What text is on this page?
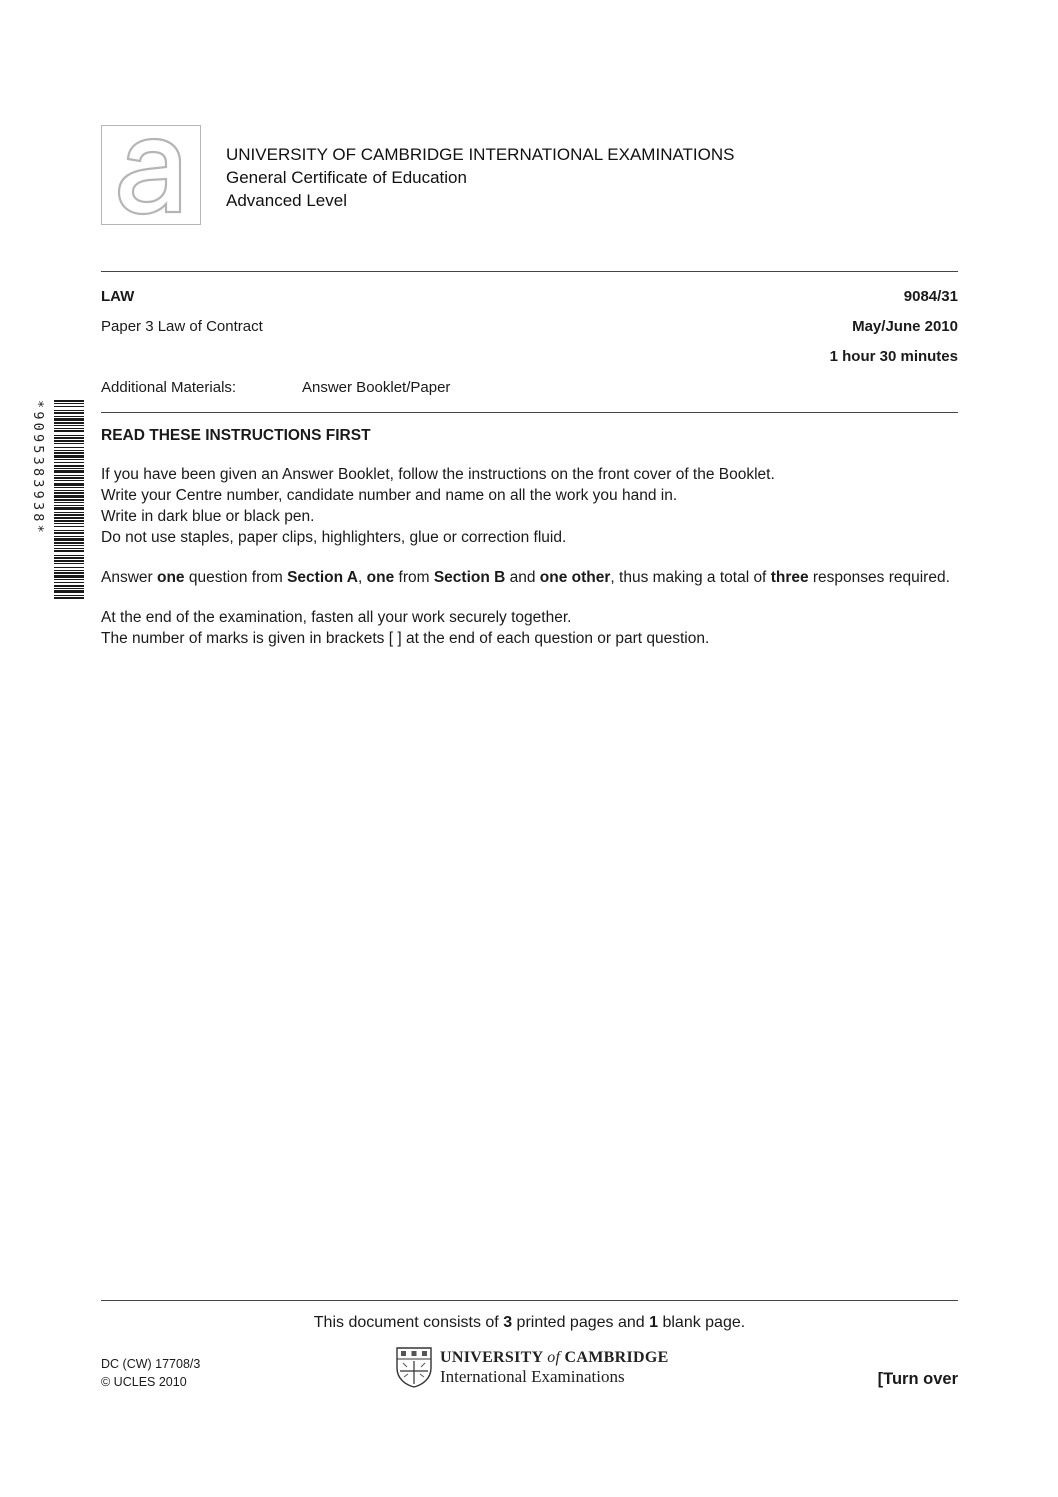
UNIVERSITY OF CAMBRIDGE INTERNATIONAL EXAMINATIONS
General Certificate of Education
Advanced Level
LAW	9084/31
Paper 3 Law of Contract	May/June 2010
1 hour 30 minutes
Additional Materials:	Answer Booklet/Paper
*9095383938*	READ THESE INSTRUCTIONS FIRST

If you have been given an Answer Booklet, follow the instructions on the front cover of the Booklet.

Write your Centre number, candidate number and name on all the work you hand in.

Write in dark blue or black pen.

Do not use staples, paper clips, highlighters, glue or correction fluid.

Answer one question from Section A, one from Section B and one other, thus making a total of three responses required.

At the end of the examination, fasten all your work securely together.

The number of marks is given in brackets [ ] at the end of each question or part question.

This document consists of 3 printed pages and 1 blank page.
DC (CW) 17708/3
© UCLES 2010
UNIVERSITY of CAMBRIDGE
International Examinations	[Turn over
